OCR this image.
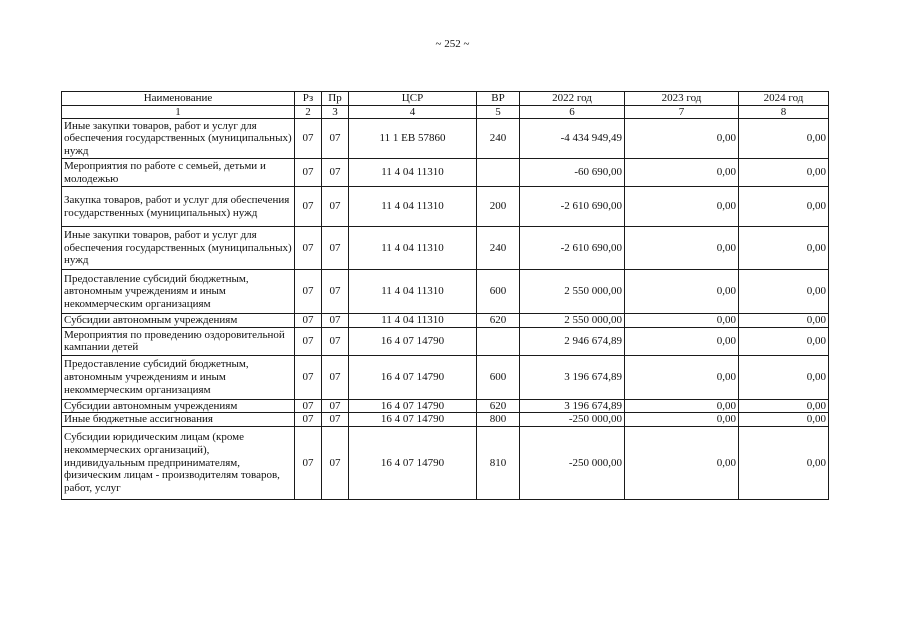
~ 252 ~
Наименование	Рз	Пр	ЦСР	ВР	2022 год	2023 год	2024 год
1	2	3	4	5	6	7	8
Иные закупки товаров, работ и услуг для обеспечения государственных (муниципальных) нужд	07	07	11 1 EB 57860	240	-4 434 949,49	0,00	0,00
Мероприятия по работе с семьей, детьми и молодежью	07	07	11 4 04 11310		-60 690,00	0,00	0,00
Закупка товаров, работ и услуг для обеспечения государственных (муниципальных) нужд	07	07	11 4 04 11310	200	-2 610 690,00	0,00	0,00
Иные закупки товаров, работ и услуг для обеспечения государственных (муниципальных) нужд	07	07	11 4 04 11310	240	-2 610 690,00	0,00	0,00
Предоставление субсидий бюджетным, автономным учреждениям и иным некоммерческим организациям	07	07	11 4 04 11310	600	2 550 000,00	0,00	0,00
Субсидии автономным учреждениям	07	07	11 4 04 11310	620	2 550 000,00	0,00	0,00
Мероприятия по проведению оздоровительной кампании детей	07	07	16 4 07 14790		2 946 674,89	0,00	0,00
Предоставление субсидий бюджетным, автономным учреждениям и иным некоммерческим организациям	07	07	16 4 07 14790	600	3 196 674,89	0,00	0,00
Субсидии автономным учреждениям	07	07	16 4 07 14790	620	3 196 674,89	0,00	0,00
Иные бюджетные ассигнования	07	07	16 4 07 14790	800	-250 000,00	0,00	0,00
Субсидии юридическим лицам (кроме некоммерческих организаций), индивидуальным предпринимателям, физическим лицам - производителям товаров, работ, услуг	07	07	16 4 07 14790	810	-250 000,00	0,00	0,00
